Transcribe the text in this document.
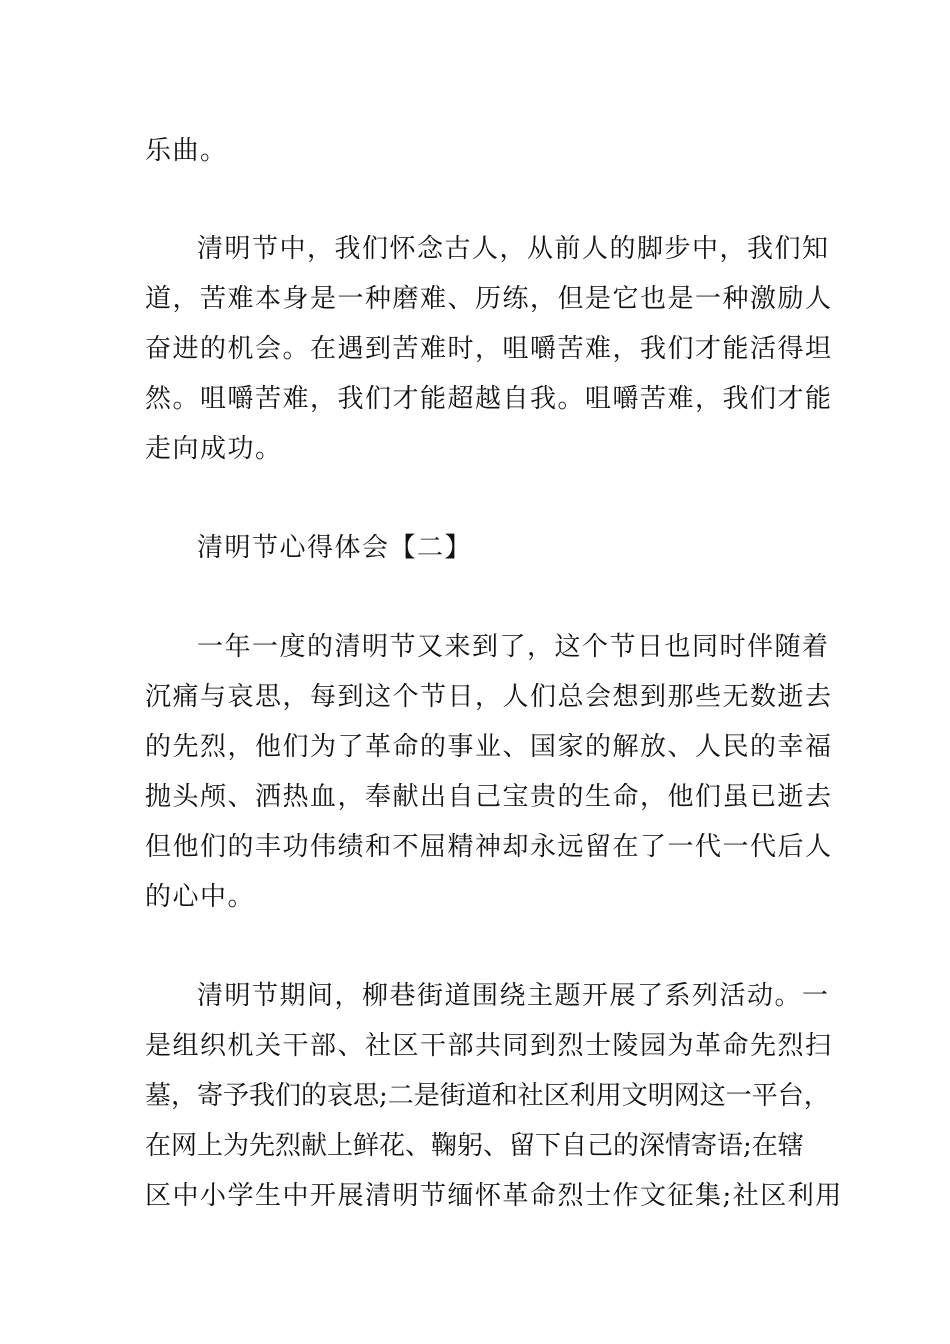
乐曲。
清明节中，我们怀念古人，从前人的脚步中，我们知
道，苦难本身是一种磨难、历练，但是它也是一种激励人
奋进的机会。在遇到苦难时，咀嚼苦难，我们才能活得坦
然。咀嚼苦难，我们才能超越自我。咀嚼苦难，我们才能
走向成功。
清明节心得体会【二】
一年一度的清明节又来到了，这个节日也同时伴随着
沉痛与哀思，每到这个节日，人们总会想到那些无数逝去
的先烈，他们为了革命的事业、国家的解放、人民的幸福
抛头颅、洒热血，奉献出自己宝贵的生命，他们虽已逝去
但他们的丰功伟绩和不屈精神却永远留在了一代一代后人
的心中。
清明节期间，柳巷街道围绕主题开展了系列活动。一
是组织机关干部、社区干部共同到烈士陵园为革命先烈扫
墓，寄予我们的哀思;二是街道和社区利用文明网这一平台，
在网上为先烈献上鲜花、鞠躬、留下自己的深情寄语;在辖
区中小学生中开展清明节缅怀革命烈士作文征集;社区利用
